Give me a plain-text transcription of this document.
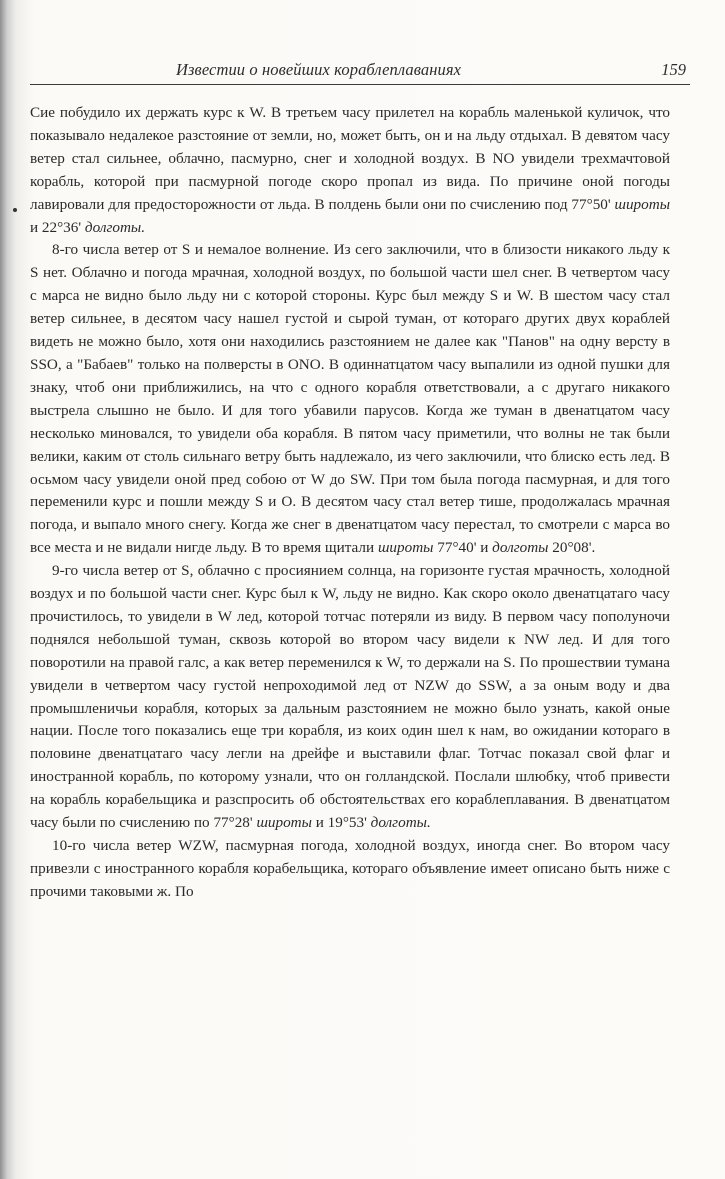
Известии о новейших кораблеплаваниях	159

Сие побудило их держать курс к W. В третьем часу прилетел на корабль маленькой куличок, что показывало недалекое разстояние от земли, но, может быть, он и на льду отдыхал. В девятом часу ветер стал сильнее, облачно, пасмурно, снег и холодной воздух. В NO увидели трехмачтовой корабль, которой при пасмурной погоде скоро пропал из вида. По причине оной погоды лавировали для предосторожности от льда. В полдень были они по счислению под 77°50' широты и 22°36' долготы.

8-го числа ветер от S и немалое волнение. Из сего заключили, что в близости никакого льду к S нет. Облачно и погода мрачная, холодной воздух, по большой части шел снег. В четвертом часу с марса не видно было льду ни с которой стороны. Курс был между S и W. В шестом часу стал ветер сильнее, в десятом часу нашел густой и сырой туман, от котораго других двух кораблей видеть не можно было, хотя они находились разстоянием не далее как "Панов" на одну версту в SSO, а "Бабаев" только на полверсты в ONO. В одиннатцатом часу выпалили из одной пушки для знаку, чтоб они приближились, на что с одного корабля ответствовали, а с другаго никакого выстрела слышно не было. И для того убавили парусов. Когда же туман в двенатцатом часу несколько миновался, то увидели оба корабля. В пятом часу приметили, что волны не так были велики, каким от столь сильнаго ветру быть надлежало, из чего заключили, что блиско есть лед. В осьмом часу увидели оной пред собою от W до SW. При том была погода пасмурная, и для того переменили курс и пошли между S и O. В десятом часу стал ветер тише, продолжалась мрачная погода, и выпало много снегу. Когда же снег в двенатцатом часу перестал, то смотрели с марса во все места и не видали нигде льду. В то время щитали широты 77°40' и долготы 20°08'.

9-го числа ветер от S, облачно с просиянием солнца, на горизонте густая мрачность, холодной воздух и по большой части снег. Курс был к W, льду не видно. Как скоро около двенатцатаго часу прочистилось, то увидели в W лед, которой тотчас потеряли из виду. В первом часу пополуночи поднялся небольшой туман, сквозь которой во втором часу видели к NW лед. И для того поворотили на правой галс, а как ветер переменился к W, то держали на S. По прошествии тумана увидели в четвертом часу густой непроходимой лед от NZW до SSW, а за оным воду и два промышленичьи корабля, которых за дальным разстоянием не можно было узнать, какой оные нации. После того показались еще три корабля, из коих один шел к нам, во ожидании котораго в половине двенатцатаго часу легли на дрейфе и выставили флаг. Тотчас показал свой флаг и иностранной корабль, по которому узнали, что он голландской. Послали шлюбку, чтоб привести на корабль корабельщика и разспросить об обстоятельствах его кораблеплавания. В двенатцатом часу были по счислению по 77°28' широты и 19°53' долготы.

10-го числа ветер WZW, пасмурная погода, холодной воздух, иногда снег. Во втором часу привезли с иностранного корабля корабельщика, котораго объявление имеет описано быть ниже с прочими таковыми ж. По
